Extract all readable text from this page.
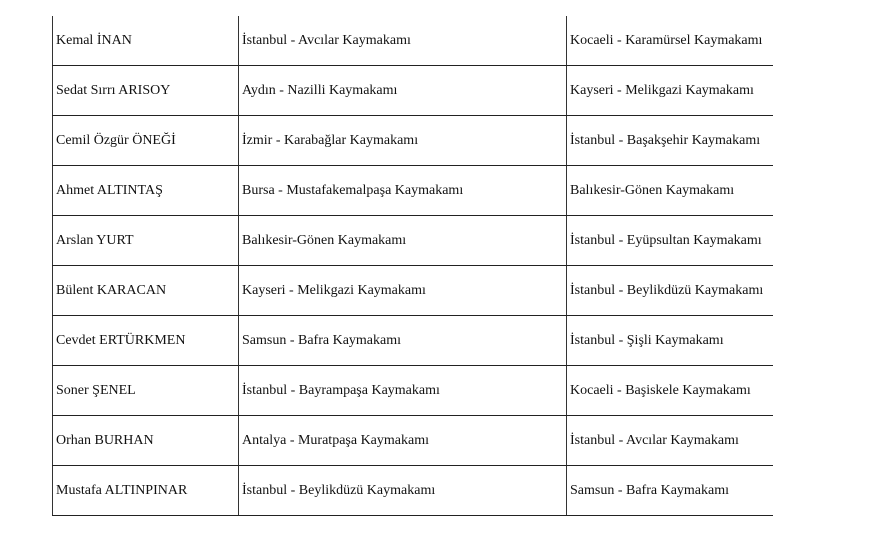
Kemal İNAN	İstanbul - Avcılar Kaymakamı	Kocaeli - Karamürsel Kaymakamı
Sedat Sırrı ARISOY	Aydın - Nazilli Kaymakamı	Kayseri - Melikgazi Kaymakamı
Cemil Özgür ÖNEĞİ	İzmir - Karabağlar Kaymakamı	İstanbul - Başakşehir Kaymakamı
Ahmet ALTINTAŞ	Bursa - Mustafakemalpaşa Kaymakamı	Balıkesir-Gönen Kaymakamı
Arslan YURT	Balıkesir-Gönen Kaymakamı	İstanbul - Eyüpsultan Kaymakamı
Bülent KARACAN	Kayseri - Melikgazi Kaymakamı	İstanbul - Beylikdüzü Kaymakamı
Cevdet ERTÜRKMEN	Samsun - Bafra Kaymakamı	İstanbul - Şişli Kaymakamı
Soner ŞENEL	İstanbul - Bayrampaşa Kaymakamı	Kocaeli - Başiskele Kaymakamı
Orhan BURHAN	Antalya - Muratpaşa Kaymakamı	İstanbul - Avcılar Kaymakamı
Mustafa ALTINPINAR	İstanbul - Beylikdüzü Kaymakamı	Samsun - Bafra Kaymakamı
